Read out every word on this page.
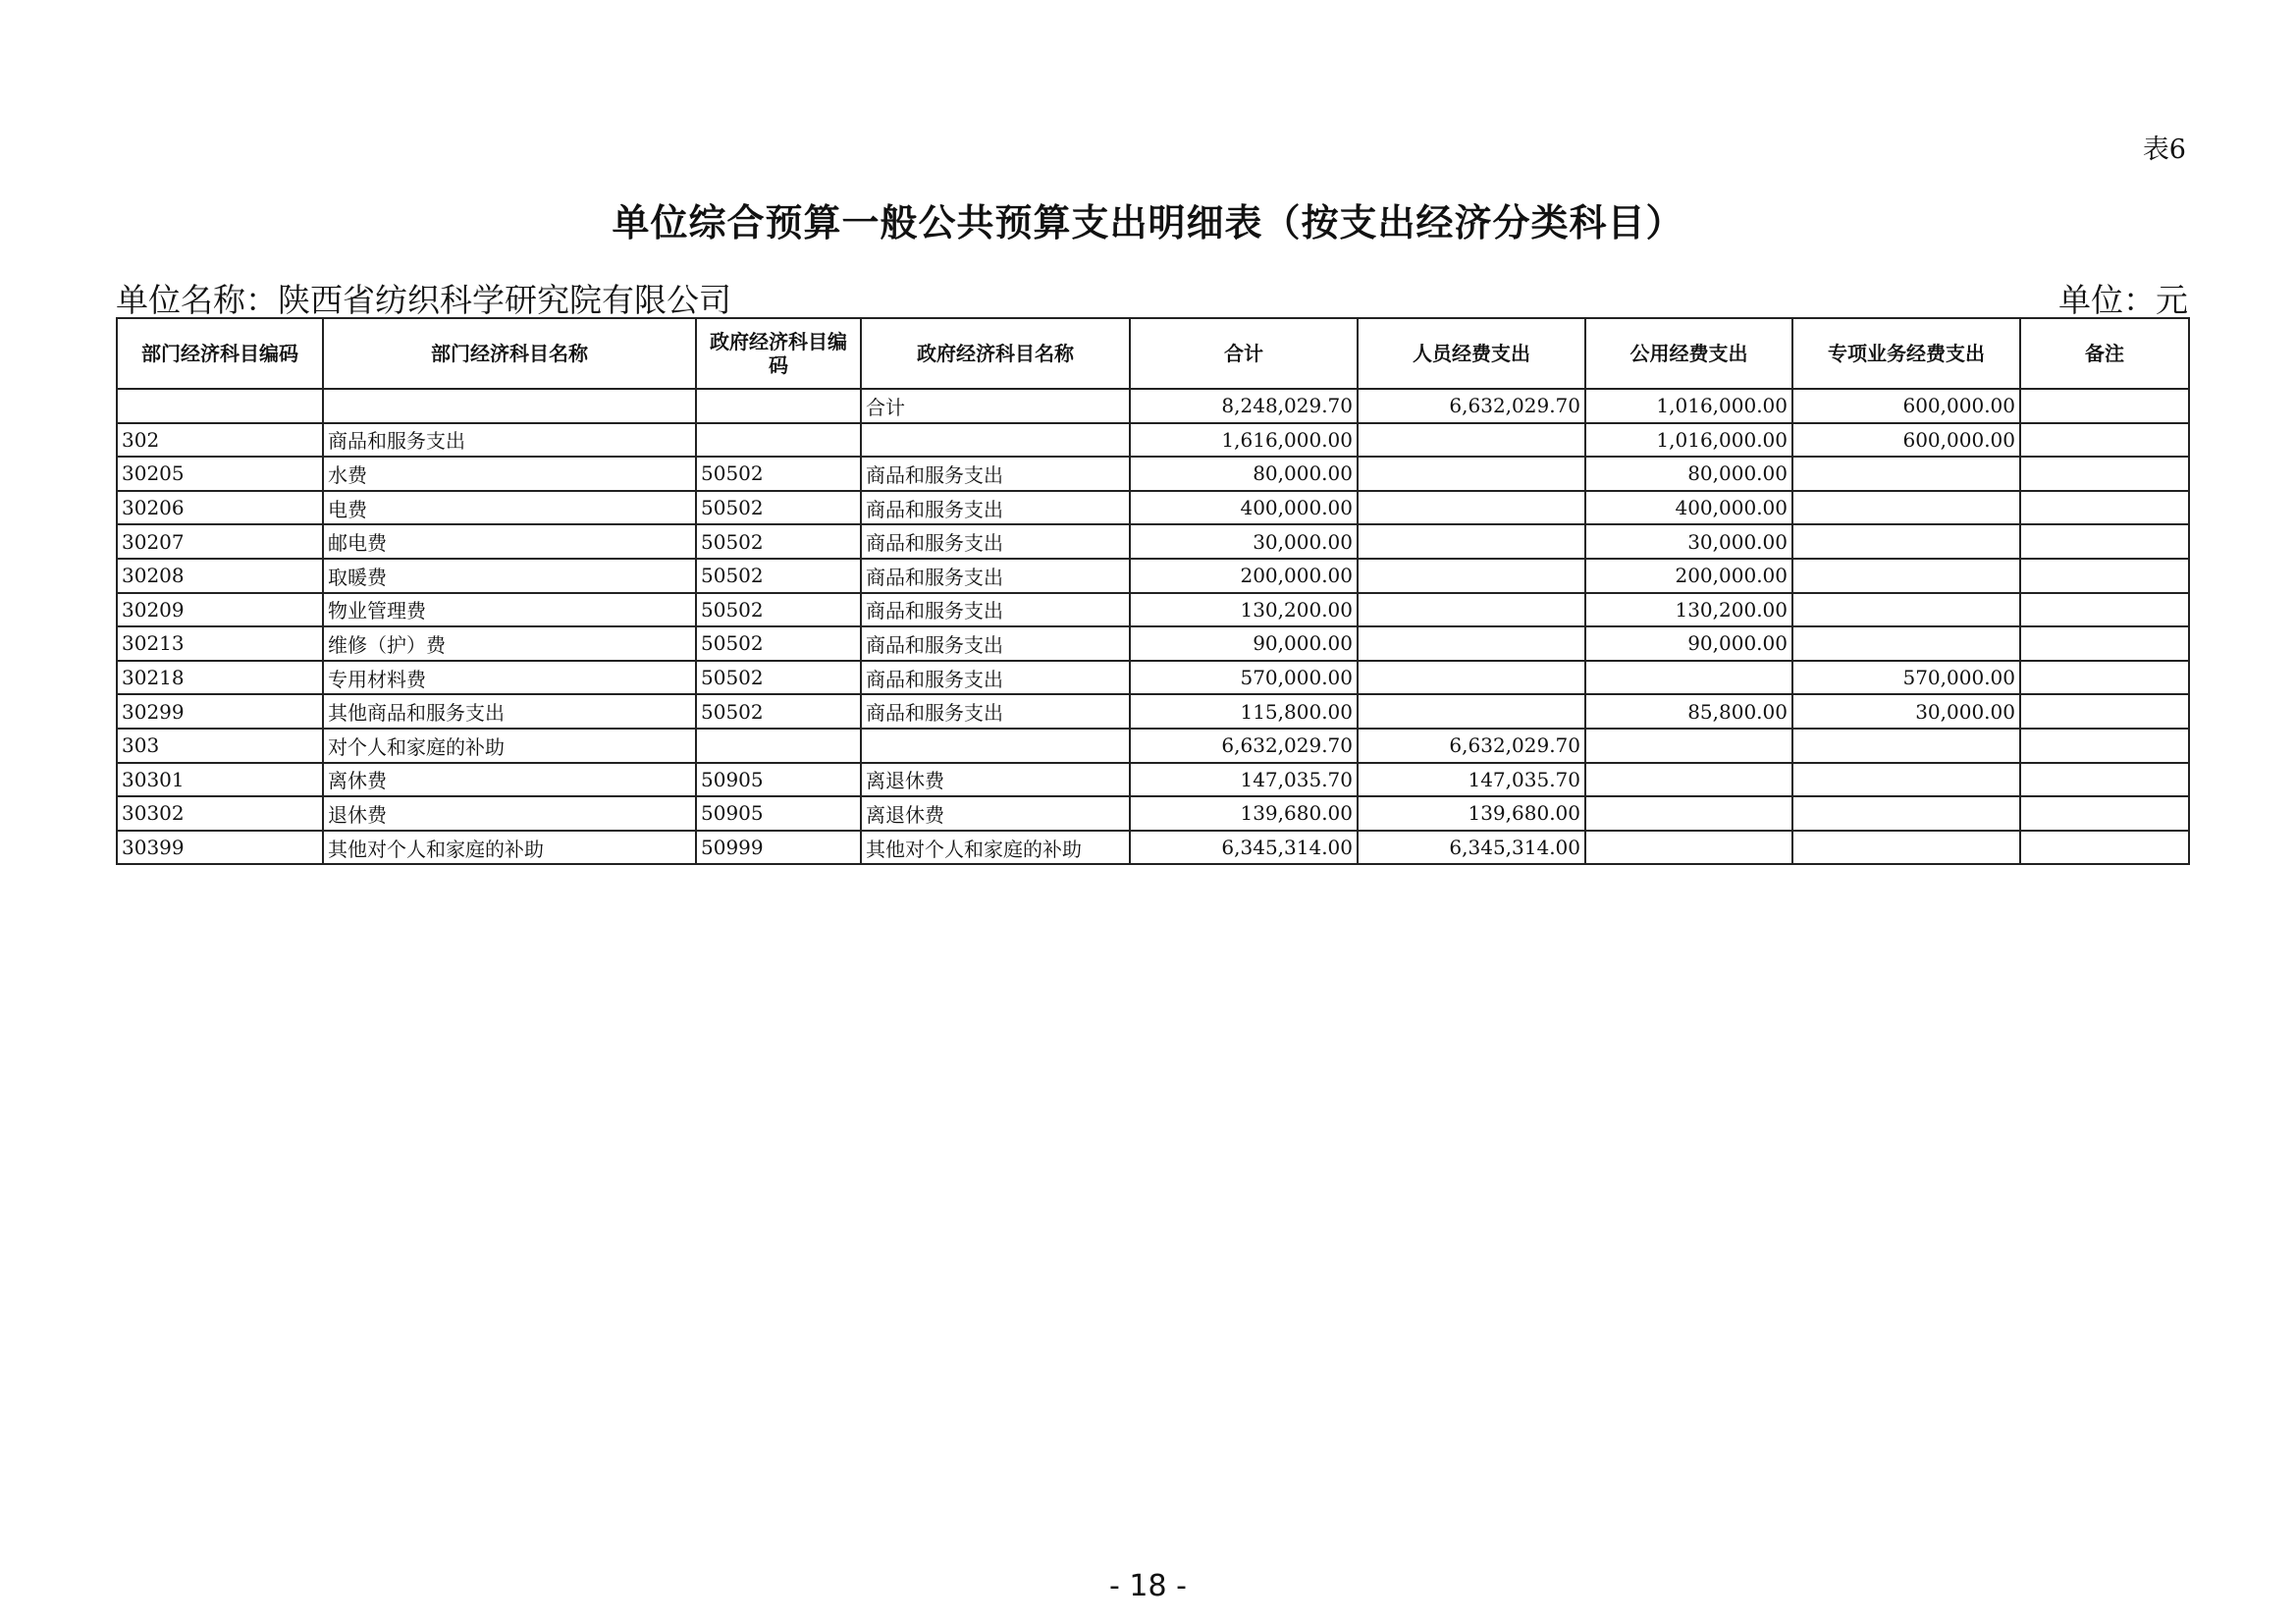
表6
单位综合预算一般公共预算支出明细表（按支出经济分类科目）
单位名称：陕西省纺织科学研究院有限公司	单位：元
部门经济科目编码	部门经济科目名称	政府经济科目编码	政府经济科目名称	合计	人员经费支出	公用经费支出	专项业务经费支出	备注
			合计	8,248,029.70	6,632,029.70	1,016,000.00	600,000.00	
302	商品和服务支出			1,616,000.00		1,016,000.00	600,000.00	
30205	水费	50502	商品和服务支出	80,000.00		80,000.00		
30206	电费	50502	商品和服务支出	400,000.00		400,000.00		
30207	邮电费	50502	商品和服务支出	30,000.00		30,000.00		
30208	取暖费	50502	商品和服务支出	200,000.00		200,000.00		
30209	物业管理费	50502	商品和服务支出	130,200.00		130,200.00		
30213	维修（护）费	50502	商品和服务支出	90,000.00		90,000.00		
30218	专用材料费	50502	商品和服务支出	570,000.00			570,000.00	
30299	其他商品和服务支出	50502	商品和服务支出	115,800.00		85,800.00	30,000.00	
303	对个人和家庭的补助			6,632,029.70	6,632,029.70			
30301	离休费	50905	离退休费	147,035.70	147,035.70			
30302	退休费	50905	离退休费	139,680.00	139,680.00			
30399	其他对个人和家庭的补助	50999	其他对个人和家庭的补助	6,345,314.00	6,345,314.00			
- 18 -
